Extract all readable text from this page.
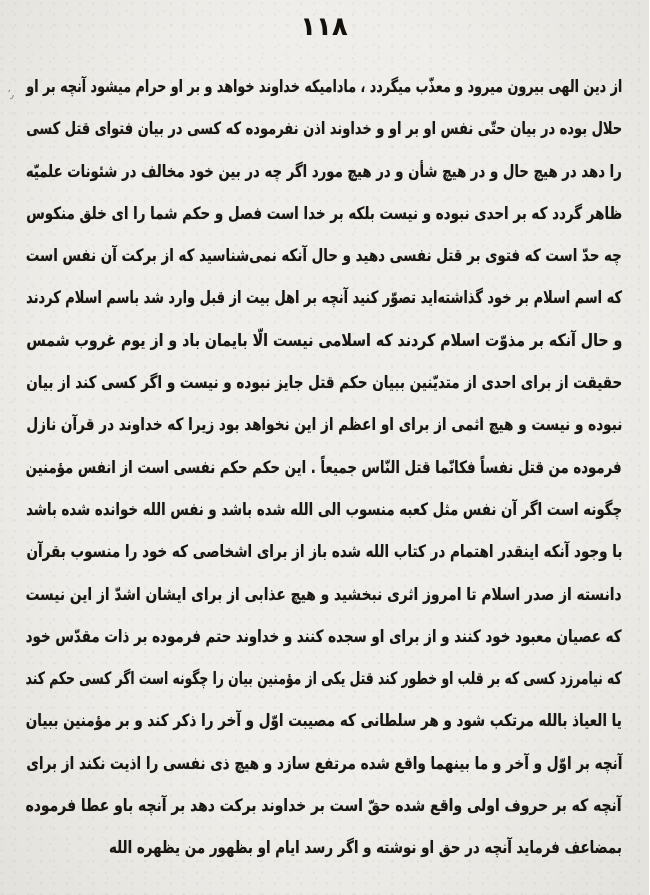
١١٨
٬٫ از دین الهی بیرون میرود و معذّب میگردد ، مادامیکه خداوند خواهد و بر او حرام میشود آنچه بر او
حلال بوده در بیان حتّی نفس او بر او و خداوند اذن نفرموده که کسی در بیان فتوای قتل کسی
را دهد در هیچ حال و در هیچ شأن و در هیچ مورد اگر چه در بین خود مخالف در شئونات علمیّه
ظاهر گردد که بر احدی نبوده و نیست بلکه بر خدا است فصل و حکم شما را ای خلق منکوس
چه حدّ است که فتوی بر قتل نفسی دهید و حال آنکه نمی‌شناسید که از برکت آن نفس است
که اسم اسلام بر خود گذاشته‌اید تصوّر کنید آنچه بر اهل بیت از قبل وارد شد باسم اسلام کردند
و حال آنکه بر مذوّت اسلام کردند که اسلامی نیست الّا بایمان باد و از یوم غروب شمس
حقیقت از برای احدی از متدیّنین ببیان حکم قتل جایز نبوده و نیست و اگر کسی کند از بیان
نبوده و نیست و هیچ اثمی از برای او اعظم از این نخواهد بود زیرا که خداوند در قرآن نازل
فرموده من قتل نفساً فکانّما قتل النّاس جمیعاً . این حکم حکم نفسی است از انفس مؤمنین
چگونه است اگر آن نفس مثل کعبه منسوب الی الله شده باشد و نفس الله خوانده شده باشد
با وجود آنکه اینقدر اهتمام در کتاب الله شده باز از برای اشخاصی که خود را منسوب بقرآن
دانسته از صدر اسلام تا امروز اثری نبخشید و هیچ عذابی از برای ایشان اشدّ از این نیست
که عصیان معبود خود کنند و از برای او سجده کنند و خداوند حتم فرموده بر ذات مقدّس خود
که نیامرزد کسی که بر قلب او خطور کند قتل یکی از مؤمنین بیان را چگونه است اگر کسی حکم کند
یا العیاذ بالله مرتکب شود و هر سلطانی که مصیبت اوّل و آخر را ذکر کند و بر مؤمنین ببیان
آنچه بر اوّل و آخر و ما بینهما واقع شده مرتفع سازد و هیچ ذی نفسی را اذیت نکند از برای
آنچه که بر حروف اولی واقع شده حقّ است بر خداوند برکت دهد بر آنچه باو عطا فرموده
بمضاعف فرماید آنچه در حق او نوشته و اگر رسد ایام او بظهور من یظهره الله
